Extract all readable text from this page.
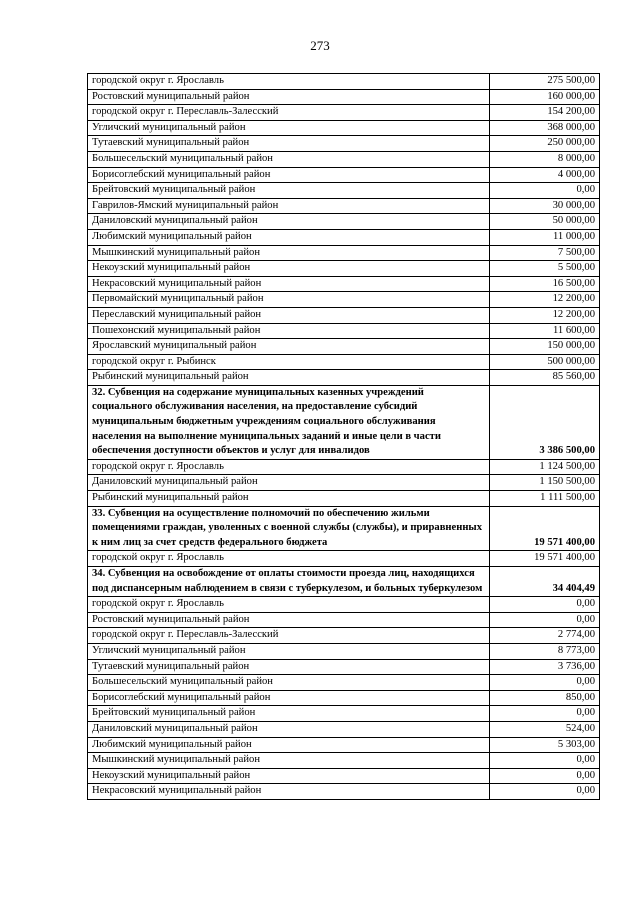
273
городской округ г. Ярославль	275 500,00
Ростовский муниципальный район	160 000,00
городской округ г. Переславль-Залесский	154 200,00
Угличский муниципальный район	368 000,00
Тутаевский муниципальный район	250 000,00
Большесельский муниципальный район	8 000,00
Борисоглебский муниципальный район	4 000,00
Брейтовский муниципальный район	0,00
Гаврилов-Ямский муниципальный район	30 000,00
Даниловский муниципальный район	50 000,00
Любимский муниципальный район	11 000,00
Мышкинский муниципальный район	7 500,00
Некоузский муниципальный район	5 500,00
Некрасовский муниципальный район	16 500,00
Первомайский муниципальный район	12 200,00
Переславский муниципальный район	12 200,00
Пошехонский муниципальный район	11 600,00
Ярославский муниципальный район	150 000,00
городской округ г. Рыбинск	500 000,00
Рыбинский муниципальный район	85 560,00
32. Субвенция на содержание муниципальных казенных учреждений социального обслуживания населения, на предоставление субсидий муниципальным бюджетным учреждениям социального обслуживания населения на выполнение муниципальных заданий и иные цели в части обеспечения доступности объектов и услуг для инвалидов	3 386 500,00
городской округ г. Ярославль	1 124 500,00
Даниловский муниципальный район	1 150 500,00
Рыбинский муниципальный район	1 111 500,00
33. Субвенция на осуществление полномочий по обеспечению жильми помещениями граждан, уволенных с военной службы (службы), и приравненных к ним лиц за счет средств федерального бюджета	19 571 400,00
городской округ г. Ярославль	19 571 400,00
34. Субвенция на освобождение от оплаты стоимости проезда лиц, находящихся под диспансерным наблюдением в связи с туберкулезом, и больных туберкулезом	34 404,49
городской округ г. Ярославль	0,00
Ростовский муниципальный район	0,00
городской округ г. Переславль-Залесский	2 774,00
Угличский муниципальный район	8 773,00
Тутаевский муниципальный район	3 736,00
Большесельский муниципальный район	0,00
Борисоглебский муниципальный район	850,00
Брейтовский муниципальный район	0,00
Даниловский муниципальный район	524,00
Любимский муниципальный район	5 303,00
Мышкинский муниципальный район	0,00
Некоузский муниципальный район	0,00
Некрасовский муниципальный район	0,00
